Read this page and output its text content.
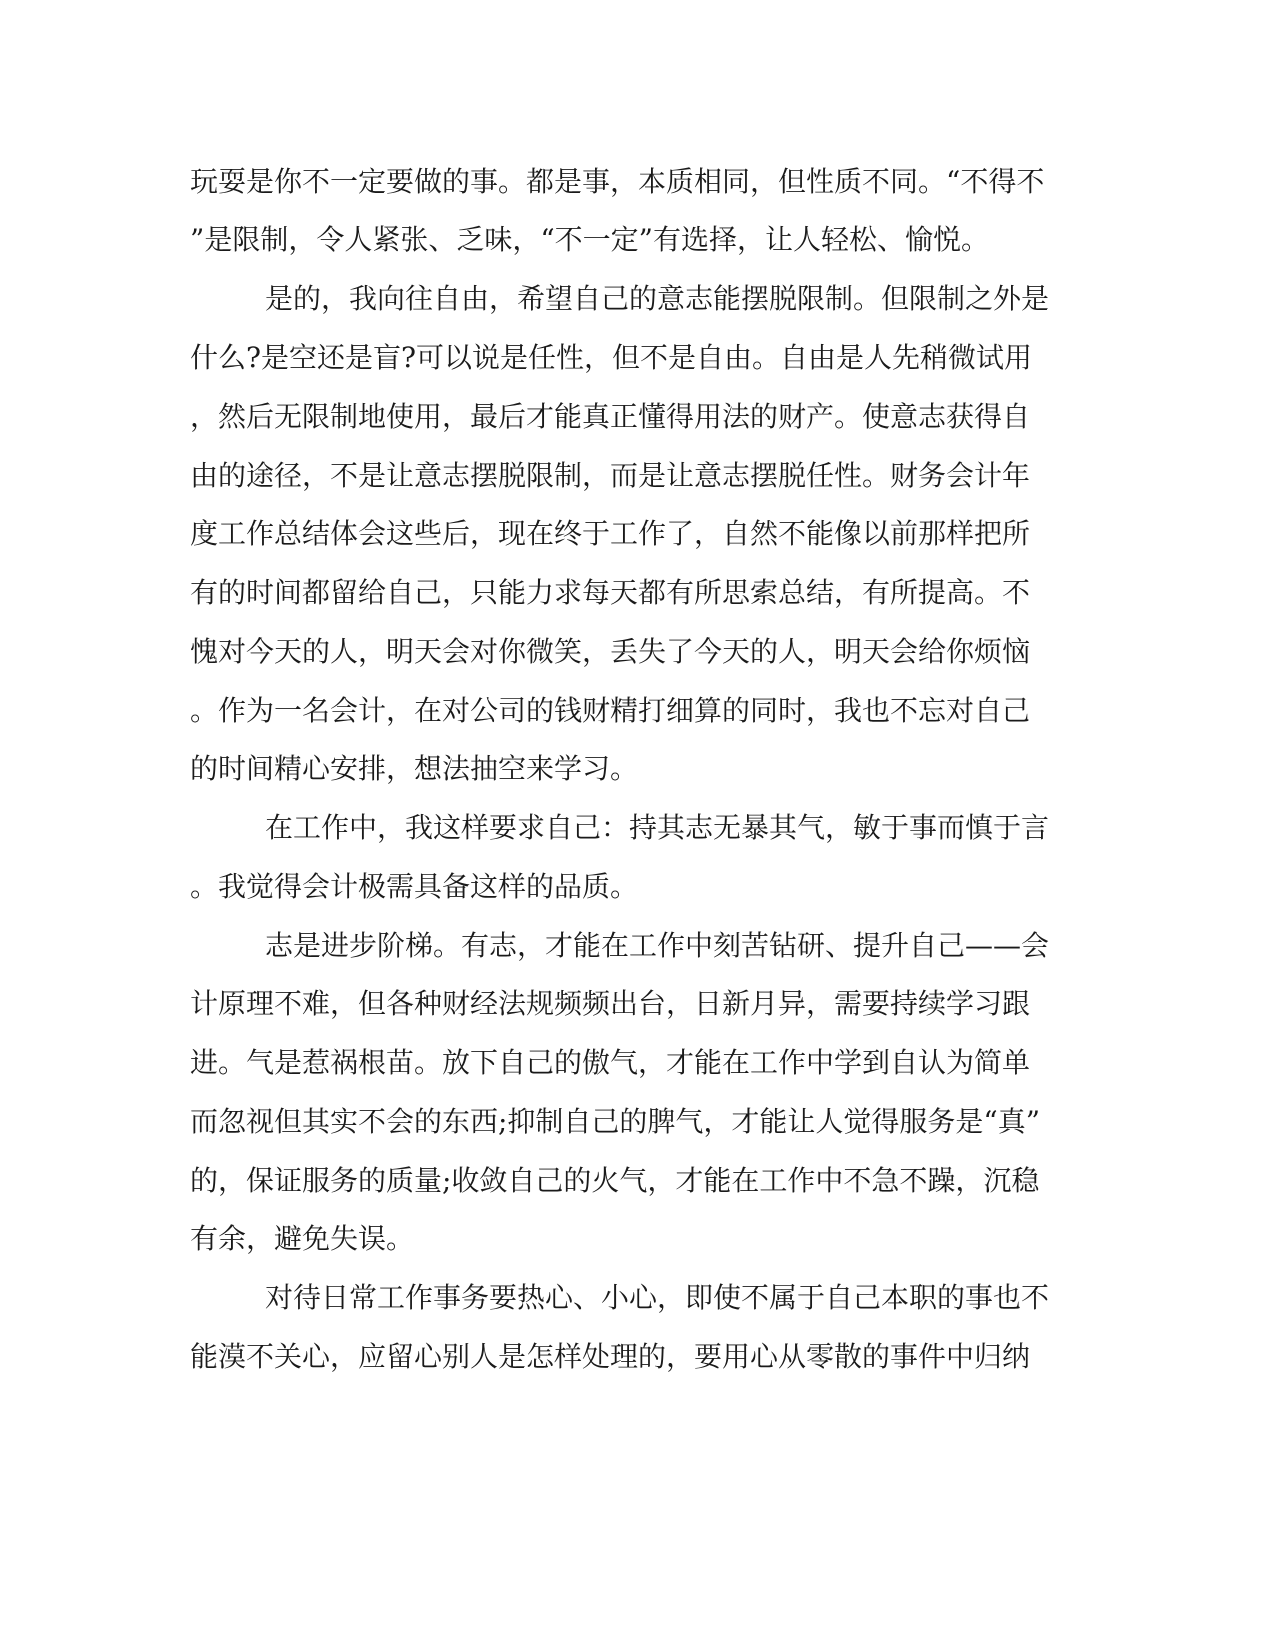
玩耍是你不一定要做的事。都是事，本质相同，但性质不同。“不得不
”是限制，令人紧张、乏味，“不一定”有选择，让人轻松、愉悦。
是的，我向往自由，希望自己的意志能摆脱限制。但限制之外是
什么?是空还是盲?可以说是任性，但不是自由。自由是人先稍微试用
，然后无限制地使用，最后才能真正懂得用法的财产。使意志获得自
由的途径，不是让意志摆脱限制，而是让意志摆脱任性。财务会计年
度工作总结体会这些后，现在终于工作了，自然不能像以前那样把所
有的时间都留给自己，只能力求每天都有所思索总结，有所提高。不
愧对今天的人，明天会对你微笑，丢失了今天的人，明天会给你烦恼
。作为一名会计，在对公司的钱财精打细算的同时，我也不忘对自己
的时间精心安排，想法抽空来学习。
在工作中，我这样要求自己：持其志无暴其气，敏于事而慎于言
。我觉得会计极需具备这样的品质。
志是进步阶梯。有志，才能在工作中刻苦钻研、提升自己——会
计原理不难，但各种财经法规频频出台，日新月异，需要持续学习跟
进。气是惹祸根苗。放下自己的傲气，才能在工作中学到自认为简单
而忽视但其实不会的东西;抑制自己的脾气，才能让人觉得服务是“真”
的，保证服务的质量;收敛自己的火气，才能在工作中不急不躁，沉稳
有余，避免失误。
对待日常工作事务要热心、小心，即使不属于自己本职的事也不
能漠不关心，应留心别人是怎样处理的，要用心从零散的事件中归纳
